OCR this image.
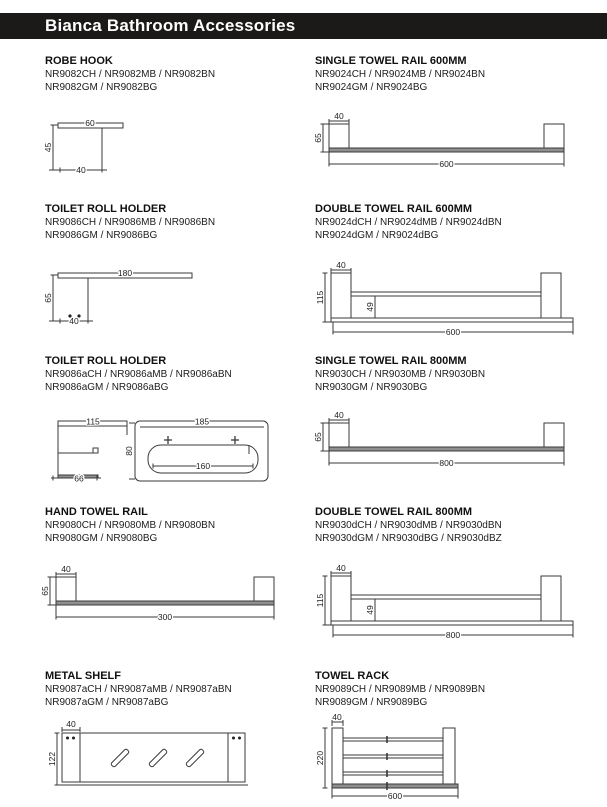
Bianca Bathroom Accessories
ROBE HOOK
NR9082CH / NR9082MB / NR9082BN
NR9082GM / NR9082BG
60
45
40
SINGLE TOWEL RAIL 600MM
NR9024CH / NR9024MB / NR9024BN
NR9024GM / NR9024BG
40
65
600
TOILET ROLL HOLDER
NR9086CH / NR9086MB / NR9086BN
NR9086GM / NR9086BG
180
65
40
DOUBLE TOWEL RAIL 600MM
NR9024dCH / NR9024dMB / NR9024dBN
NR9024dGM / NR9024dBG
40
115
49
600
TOILET ROLL HOLDER
NR9086aCH / NR9086aMB / NR9086aBN
NR9086aGM / NR9086aBG
115
66
185
80
160
SINGLE TOWEL RAIL 800MM
NR9030CH / NR9030MB / NR9030BN
NR9030GM / NR9030BG
40
65
800
HAND TOWEL RAIL
NR9080CH / NR9080MB / NR9080BN
NR9080GM / NR9080BG
40
65
300
DOUBLE TOWEL RAIL 800MM
NR9030dCH / NR9030dMB / NR9030dBN
NR9030dGM / NR9030dBG / NR9030dBZ
40
115
49
800
METAL SHELF
NR9087aCH / NR9087aMB / NR9087aBN
NR9087aGM / NR9087aBG
40
122
TOWEL RACK
NR9089CH / NR9089MB / NR9089BN
NR9089GM / NR9089BG
40
220
600
